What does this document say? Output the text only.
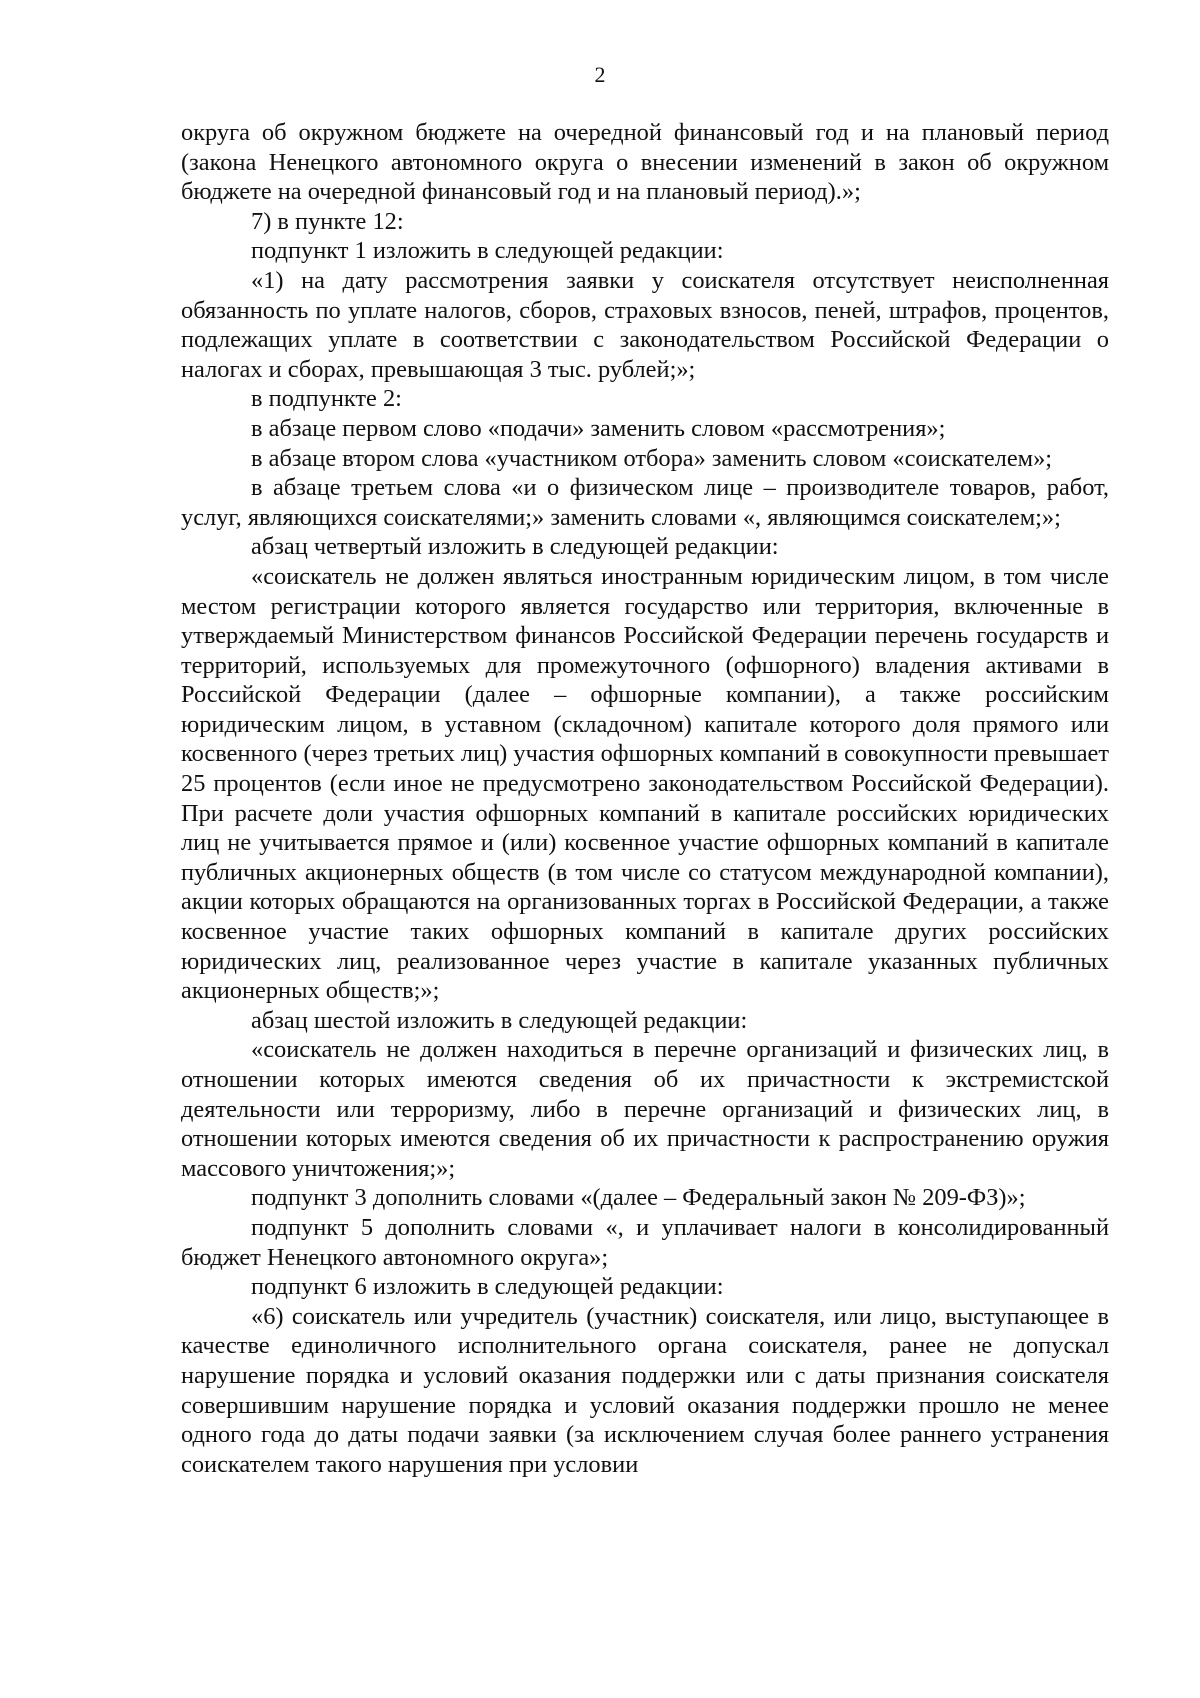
2

округа об окружном бюджете на очередной финансовый год и на плановый период (закона Ненецкого автономного округа о внесении изменений в закон об окружном бюджете на очередной финансовый год и на плановый период).»;

7) в пункте 12:

подпункт 1 изложить в следующей редакции:

«1) на дату рассмотрения заявки у соискателя отсутствует неисполненная обязанность по уплате налогов, сборов, страховых взносов, пеней, штрафов, процентов, подлежащих уплате в соответствии с законодательством Российской Федерации о налогах и сборах, превышающая 3 тыс. рублей;»;

в подпункте 2:

в абзаце первом слово «подачи» заменить словом «рассмотрения»;

в абзаце втором слова «участником отбора» заменить словом «соискателем»;

в абзаце третьем слова «и о физическом лице – производителе товаров, работ, услуг, являющихся соискателями;» заменить словами «, являющимся соискателем;»;

абзац четвертый изложить в следующей редакции:

«соискатель не должен являться иностранным юридическим лицом, в том числе местом регистрации которого является государство или территория, включенные в утверждаемый Министерством финансов Российской Федерации перечень государств и территорий, используемых для промежуточного (офшорного) владения активами в Российской Федерации (далее – офшорные компании), а также российским юридическим лицом, в уставном (складочном) капитале которого доля прямого или косвенного (через третьих лиц) участия офшорных компаний в совокупности превышает 25 процентов (если иное не предусмотрено законодательством Российской Федерации). При расчете доли участия офшорных компаний в капитале российских юридических лиц не учитывается прямое и (или) косвенное участие офшорных компаний в капитале публичных акционерных обществ (в том числе со статусом международной компании), акции которых обращаются на организованных торгах в Российской Федерации, а также косвенное участие таких офшорных компаний в капитале других российских юридических лиц, реализованное через участие в капитале указанных публичных акционерных обществ;»;

абзац шестой изложить в следующей редакции:

«соискатель не должен находиться в перечне организаций и физических лиц, в отношении которых имеются сведения об их причастности к экстремистской деятельности или терроризму, либо в перечне организаций и физических лиц, в отношении которых имеются сведения об их причастности к распространению оружия массового уничтожения;»;

подпункт 3 дополнить словами «(далее – Федеральный закон № 209-ФЗ)»;

подпункт 5 дополнить словами «, и уплачивает налоги в консолидированный бюджет Ненецкого автономного округа»;

подпункт 6 изложить в следующей редакции:

«6) соискатель или учредитель (участник) соискателя, или лицо, выступающее в качестве единоличного исполнительного органа соискателя, ранее не допускал нарушение порядка и условий оказания поддержки или с даты признания соискателя совершившим нарушение порядка и условий оказания поддержки прошло не менее одного года до даты подачи заявки (за исключением случая более раннего устранения соискателем такого нарушения при условии
